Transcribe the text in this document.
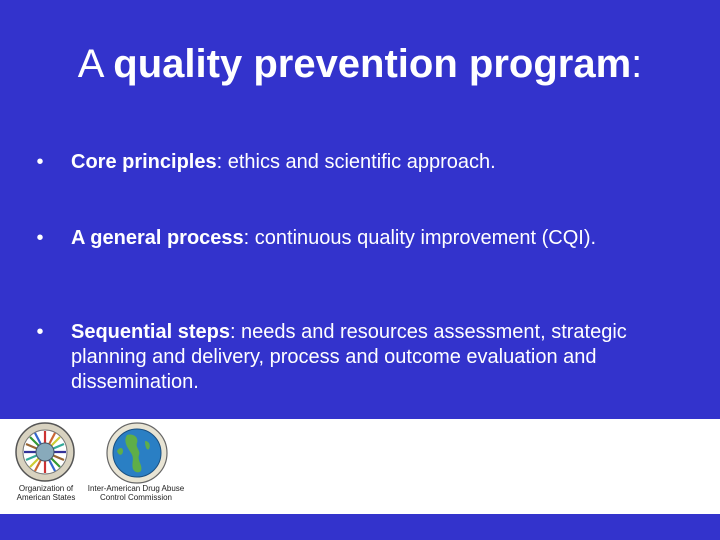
A quality prevention program:
•	Core principles: ethics and scientific approach.
•	A general process: continuous quality improvement (CQI).
•	Sequential steps: needs and resources assessment, strategic planning and delivery, process and outcome evaluation and dissemination.
Organization of
American States
Inter-American Drug Abuse
Control Commission
